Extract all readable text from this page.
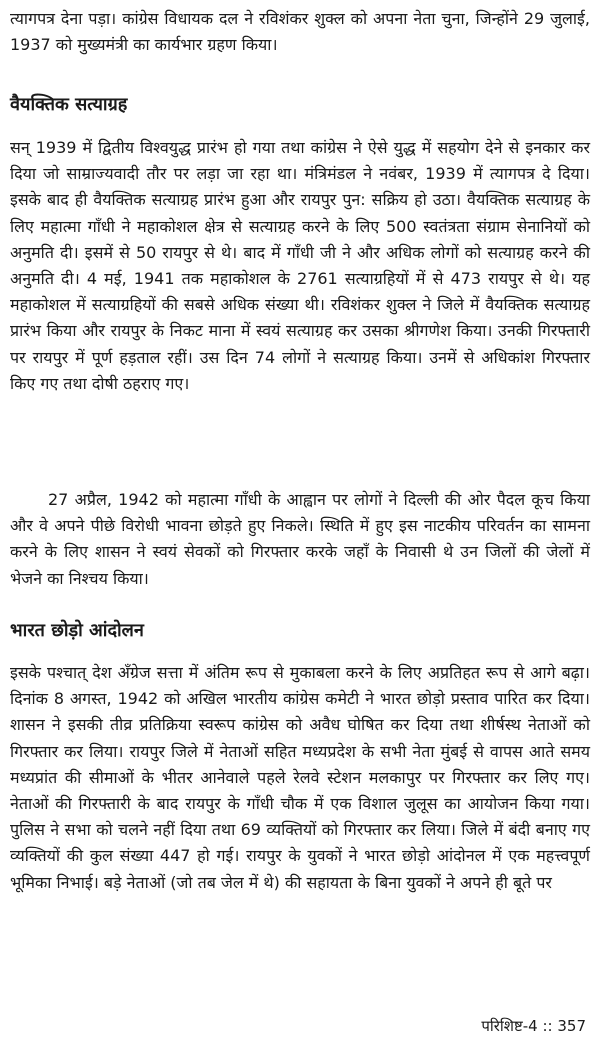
त्यागपत्र देना पड़ा। कांग्रेस विधायक दल ने रविशंकर शुक्ल को अपना नेता चुना, जिन्होंने 29 जुलाई, 1937 को मुख्यमंत्री का कार्यभार ग्रहण किया।

वैयक्तिक सत्याग्रह

सन् 1939 में द्वितीय विश्वयुद्ध प्रारंभ हो गया तथा कांग्रेस ने ऐसे युद्ध में सहयोग देने से इनकार कर दिया जो साम्राज्यवादी तौर पर लड़ा जा रहा था। मंत्रिमंडल ने नवंबर, 1939 में त्यागपत्र दे दिया। इसके बाद ही वैयक्तिक सत्याग्रह प्रारंभ हुआ और रायपुर पुन: सक्रिय हो उठा। वैयक्तिक सत्याग्रह के लिए महात्मा गाँधी ने महाकोशल क्षेत्र से सत्याग्रह करने के लिए 500 स्वतंत्रता संग्राम सेनानियों को अनुमति दी। इसमें से 50 रायपुर से थे। बाद में गाँधी जी ने और अधिक लोगों को सत्याग्रह करने की अनुमति दी। 4 मई, 1941 तक महाकोशल के 2761 सत्याग्रहियों में से 473 रायपुर से थे। यह महाकोशल में सत्याग्रहियों की सबसे अधिक संख्या थी। रविशंकर शुक्ल ने जिले में वैयक्तिक सत्याग्रह प्रारंभ किया और रायपुर के निकट माना में स्वयं सत्याग्रह कर उसका श्रीगणेश किया। उनकी गिरफ्तारी पर रायपुर में पूर्ण हड़ताल रहीं। उस दिन 74 लोगों ने सत्याग्रह किया। उनमें से अधिकांश गिरफ्तार किए गए तथा दोषी ठहराए गए।

27 अप्रैल, 1942 को महात्मा गाँधी के आह्वान पर लोगों ने दिल्ली की ओर पैदल कूच किया और वे अपने पीछे विरोधी भावना छोड़ते हुए निकले। स्थिति में हुए इस नाटकीय परिवर्तन का सामना करने के लिए शासन ने स्वयं सेवकों को गिरफ्तार करके जहाँ के निवासी थे उन जिलों की जेलों में भेजने का निश्चय किया।

भारत छोड़ो आंदोलन

इसके पश्चात् देश अँग्रेज सत्ता में अंतिम रूप से मुकाबला करने के लिए अप्रतिहत रूप से आगे बढ़ा। दिनांक 8 अगस्त, 1942 को अखिल भारतीय कांग्रेस कमेटी ने भारत छोड़ो प्रस्ताव पारित कर दिया। शासन ने इसकी तीव्र प्रतिक्रिया स्वरूप कांग्रेस को अवैध घोषित कर दिया तथा शीर्षस्थ नेताओं को गिरफ्तार कर लिया। रायपुर जिले में नेताओं सहित मध्यप्रदेश के सभी नेता मुंबई से वापस आते समय मध्यप्रांत की सीमाओं के भीतर आनेवाले पहले रेलवे स्टेशन मलकापुर पर गिरफ्तार कर लिए गए। नेताओं की गिरफ्तारी के बाद रायपुर के गाँधी चौक में एक विशाल जुलूस का आयोजन किया गया। पुलिस ने सभा को चलने नहीं दिया तथा 69 व्यक्तियों को गिरफ्तार कर लिया। जिले में बंदी बनाए गए व्यक्तियों की कुल संख्या 447 हो गई। रायपुर के युवकों ने भारत छोड़ो आंदोनल में एक महत्त्वपूर्ण भूमिका निभाई। बड़े नेताओं (जो तब जेल में थे) की सहायता के बिना युवकों ने अपने ही बूते पर

परिशिष्ट-4 :: 357
